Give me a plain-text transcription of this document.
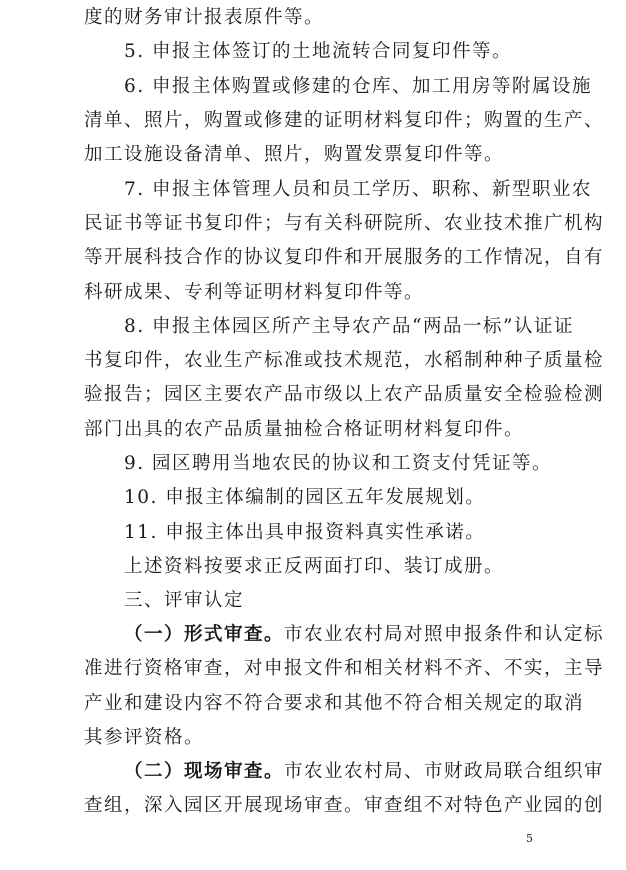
度的财务审计报表原件等。
5. 申报主体签订的土地流转合同复印件等。
6. 申报主体购置或修建的仓库、加工用房等附属设施
清单、照片，购置或修建的证明材料复印件；购置的生产、
加工设施设备清单、照片，购置发票复印件等。
7. 申报主体管理人员和员工学历、职称、新型职业农
民证书等证书复印件；与有关科研院所、农业技术推广机构
等开展科技合作的协议复印件和开展服务的工作情况，自有
科研成果、专利等证明材料复印件等。
8. 申报主体园区所产主导农产品“两品一标”认证证
书复印件，农业生产标准或技术规范，水稻制种种子质量检
验报告；园区主要农产品市级以上农产品质量安全检验检测
部门出具的农产品质量抽检合格证明材料复印件。
9. 园区聘用当地农民的协议和工资支付凭证等。
10. 申报主体编制的园区五年发展规划。
11. 申报主体出具申报资料真实性承诺。
上述资料按要求正反两面打印、装订成册。
三、评审认定
（一）形式审查。市农业农村局对照申报条件和认定标
准进行资格审查，对申报文件和相关材料不齐、不实，主导
产业和建设内容不符合要求和其他不符合相关规定的取消
其参评资格。
（二）现场审查。市农业农村局、市财政局联合组织审
查组，深入园区开展现场审查。审查组不对特色产业园的创
5
